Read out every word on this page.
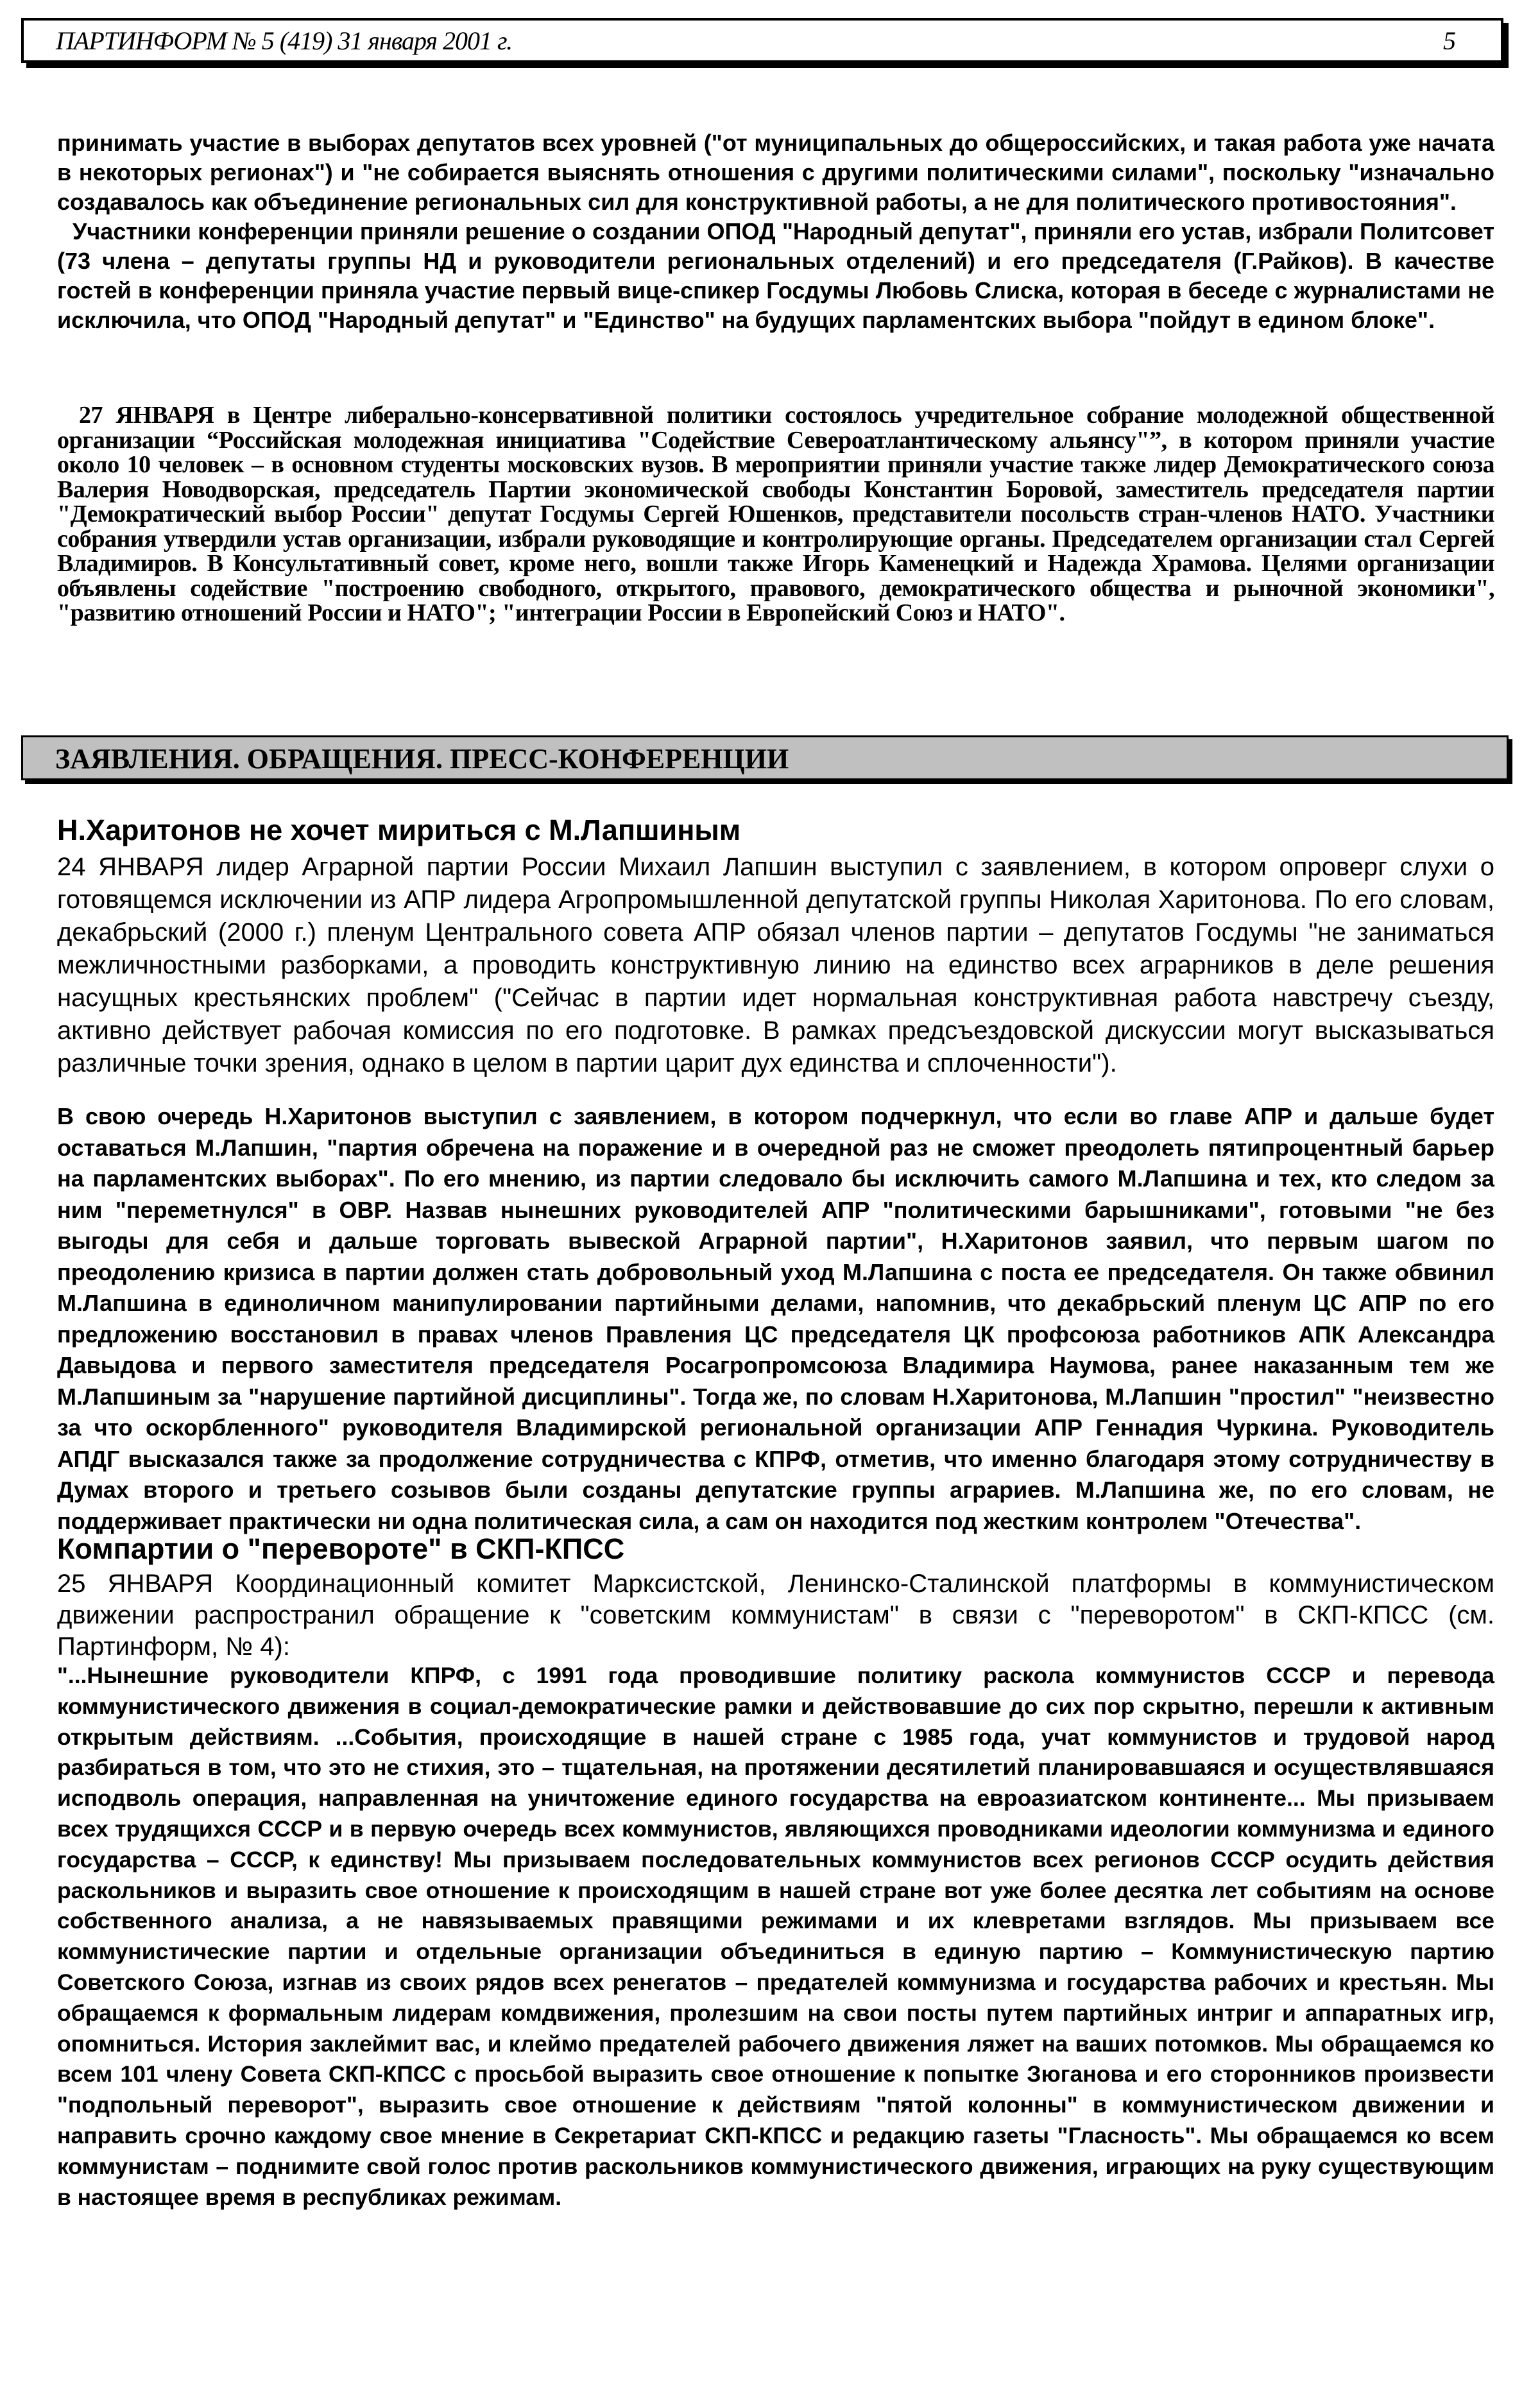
ПАРТИНФОРМ № 5 (419) 31 января 2001 г.	5

принимать участие в выборах депутатов всех уровней ("от муниципальных до общероссийских, и такая работа уже начата в некоторых регионах") и "не собирается выяснять отношения с другими политическими силами", поскольку "изначально создавалось как объединение региональных сил для конструктивной работы, а не для политического противостояния".

Участники конференции приняли решение о создании ОПОД "Народный депутат", приняли его устав, избрали Политсовет (73 члена – депутаты группы НД и руководители региональных отделений) и его председателя (Г.Райков). В качестве гостей в конференции приняла участие первый вице-спикер Госдумы Любовь Слиска, которая в беседе с журналистами не исключила, что ОПОД "Народный депутат" и "Единство" на будущих парламентских выбора "пойдут в едином блоке".

27 ЯНВАРЯ в Центре либерально-консервативной политики состоялось учредительное собрание молодежной общественной организации “Российская молодежная инициатива "Содействие Североатлантическому альянсу"”, в котором приняли участие около 10 человек – в основном студенты московских вузов. В мероприятии приняли участие также лидер Демократического союза Валерия Новодворская, председатель Партии экономической свободы Константин Боровой, заместитель председателя партии "Демократический выбор России" депутат Госдумы Сергей Юшенков, представители посольств стран-членов НАТО. Участники собрания утвердили устав организации, избрали руководящие и контролирующие органы. Председателем организации стал Сергей Владимиров. В Консультативный совет, кроме него, вошли также Игорь Каменецкий и Надежда Храмова. Целями организации объявлены содействие "построению свободного, открытого, правового, демократического общества и рыночной экономики", "развитию отношений России и НАТО"; "интеграции России в Европейский Союз и НАТО".

ЗАЯВЛЕНИЯ. ОБРАЩЕНИЯ. ПРЕСС-КОНФЕРЕНЦИИ
Н.Харитонов не хочет мириться с М.Лапшиным

24 ЯНВАРЯ лидер Аграрной партии России Михаил Лапшин выступил с заявлением, в котором опроверг слухи о готовящемся исключении из АПР лидера Агропромышленной депутатской группы Николая Харитонова. По его словам, декабрьский (2000 г.) пленум Центрального совета АПР обязал членов партии – депутатов Госдумы "не заниматься межличностными разборками, а проводить конструктивную линию на единство всех аграрников в деле решения насущных крестьянских проблем" ("Сейчас в партии идет нормальная конструктивная работа навстречу съезду, активно действует рабочая комиссия по его подготовке. В рамках предсъездовской дискуссии могут высказываться различные точки зрения, однако в целом в партии царит дух единства и сплоченности").

В свою очередь Н.Харитонов выступил с заявлением, в котором подчеркнул, что если во главе АПР и дальше будет оставаться М.Лапшин, "партия обречена на поражение и в очередной раз не сможет преодолеть пятипроцентный барьер на парламентских выборах". По его мнению, из партии следовало бы исключить самого М.Лапшина и тех, кто следом за ним "переметнулся" в ОВР. Назвав нынешних руководителей АПР "политическими барышниками", готовыми "не без выгоды для себя и дальше торговать вывеской Аграрной партии", Н.Харитонов заявил, что первым шагом по преодолению кризиса в партии должен стать добровольный уход М.Лапшина с поста ее председателя. Он также обвинил М.Лапшина в единоличном манипулировании партийными делами, напомнив, что декабрьский пленум ЦС АПР по его предложению восстановил в правах членов Правления ЦС председателя ЦК профсоюза работников АПК Александра Давыдова и первого заместителя председателя Росагропромсоюза Владимира Наумова, ранее наказанным тем же М.Лапшиным за "нарушение партийной дисциплины". Тогда же, по словам Н.Харитонова, М.Лапшин "простил" "неизвестно за что оскорбленного" руководителя Владимирской региональной организации АПР Геннадия Чуркина. Руководитель АПДГ высказался также за продолжение сотрудничества с КПРФ, отметив, что именно благодаря этому сотрудничеству в Думах второго и третьего созывов были созданы депутатские группы аграриев. М.Лапшина же, по его словам, не поддерживает практически ни одна политическая сила, а сам он находится под жестким контролем "Отечества".

Компартии о "перевороте" в СКП-КПСС

25 ЯНВАРЯ Координационный комитет Марксистской, Ленинско-Сталинской платформы в коммунистическом движении распространил обращение к "советским коммунистам" в связи с "переворотом" в СКП-КПСС (см. Партинформ, № 4):

"...Нынешние руководители КПРФ, с 1991 года проводившие политику раскола коммунистов СССР и перевода коммунистического движения в социал-демократические рамки и действовавшие до сих пор скрытно, перешли к активным открытым действиям. ...События, происходящие в нашей стране с 1985 года, учат коммунистов и трудовой народ разбираться в том, что это не стихия, это – тщательная, на протяжении десятилетий планировавшаяся и осуществлявшаяся исподволь операция, направленная на уничтожение единого государства на евроазиатском континенте... Мы призываем всех трудящихся СССР и в первую очередь всех коммунистов, являющихся проводниками идеологии коммунизма и единого государства – СССР, к единству! Мы призываем последовательных коммунистов всех регионов СССР осудить действия раскольников и выразить свое отношение к происходящим в нашей стране вот уже более десятка лет событиям на основе собственного анализа, а не навязываемых правящими режимами и их клевретами взглядов. Мы призываем все коммунистические партии и отдельные организации объединиться в единую партию – Коммунистическую партию Советского Союза, изгнав из своих рядов всех ренегатов – предателей коммунизма и государства рабочих и крестьян. Мы обращаемся к формальным лидерам комдвижения, пролезшим на свои посты путем партийных интриг и аппаратных игр, опомниться. История заклеймит вас, и клеймо предателей рабочего движения ляжет на ваших потомков. Мы обращаемся ко всем 101 члену Совета СКП-КПСС с просьбой выразить свое отношение к попытке Зюганова и его сторонников произвести "подпольный переворот", выразить свое отношение к действиям "пятой колонны" в коммунистическом движении и направить срочно каждому свое мнение в Секретариат СКП-КПСС и редакцию газеты "Гласность". Мы обращаемся ко всем коммунистам – поднимите свой голос против раскольников коммунистического движения, играющих на руку существующим в настоящее время в республиках режимам.
